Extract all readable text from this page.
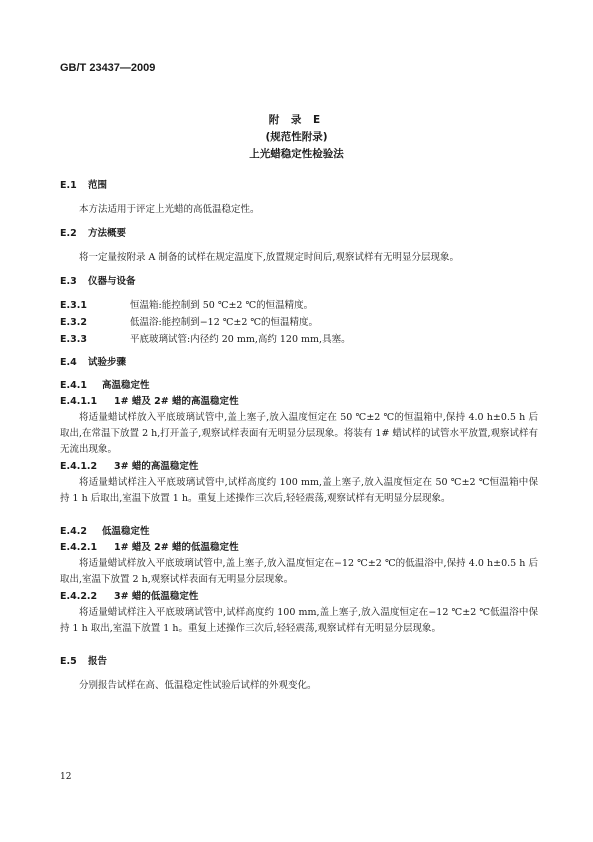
GB/T 23437—2009
附 录 E
(规范性附录)
上光蜡稳定性检验法
E.1 范围
本方法适用于评定上光蜡的高低温稳定性。
E.2 方法概要
将一定量按附录 A 制备的试样在规定温度下,放置规定时间后,观察试样有无明显分层现象。
E.3 仪器与设备
E.3.1	恒温箱:能控制到 50 ℃±2 ℃的恒温精度。
E.3.2	低温浴:能控制到−12 ℃±2 ℃的恒温精度。
E.3.3	平底玻璃试管:内径约 20 mm,高约 120 mm,具塞。
E.4 试验步骤
E.4.1 高温稳定性
E.4.1.1 1# 蜡及 2# 蜡的高温稳定性
将适量蜡试样放入平底玻璃试管中,盖上塞子,放入温度恒定在 50 ℃±2 ℃的恒温箱中,保持 4.0 h±0.5 h 后取出,在常温下放置 2 h,打开盖子,观察试样表面有无明显分层现象。将装有 1# 蜡试样的试管水平放置,观察试样有无流出现象。
E.4.1.2 3# 蜡的高温稳定性
将适量蜡试样注入平底玻璃试管中,试样高度约 100 mm,盖上塞子,放入温度恒定在 50 ℃±2 ℃恒温箱中保持 1 h 后取出,室温下放置 1 h。重复上述操作三次后,轻轻震荡,观察试样有无明显分层现象。
E.4.2 低温稳定性
E.4.2.1 1# 蜡及 2# 蜡的低温稳定性
将适量蜡试样放入平底玻璃试管中,盖上塞子,放入温度恒定在−12 ℃±2 ℃的低温浴中,保持 4.0 h±0.5 h 后取出,室温下放置 2 h,观察试样表面有无明显分层现象。
E.4.2.2 3# 蜡的低温稳定性
将适量蜡试样注入平底玻璃试管中,试样高度约 100 mm,盖上塞子,放入温度恒定在−12 ℃±2 ℃低温浴中保持 1 h 取出,室温下放置 1 h。重复上述操作三次后,轻轻震荡,观察试样有无明显分层现象。
E.5 报告
分别报告试样在高、低温稳定性试验后试样的外观变化。
12
